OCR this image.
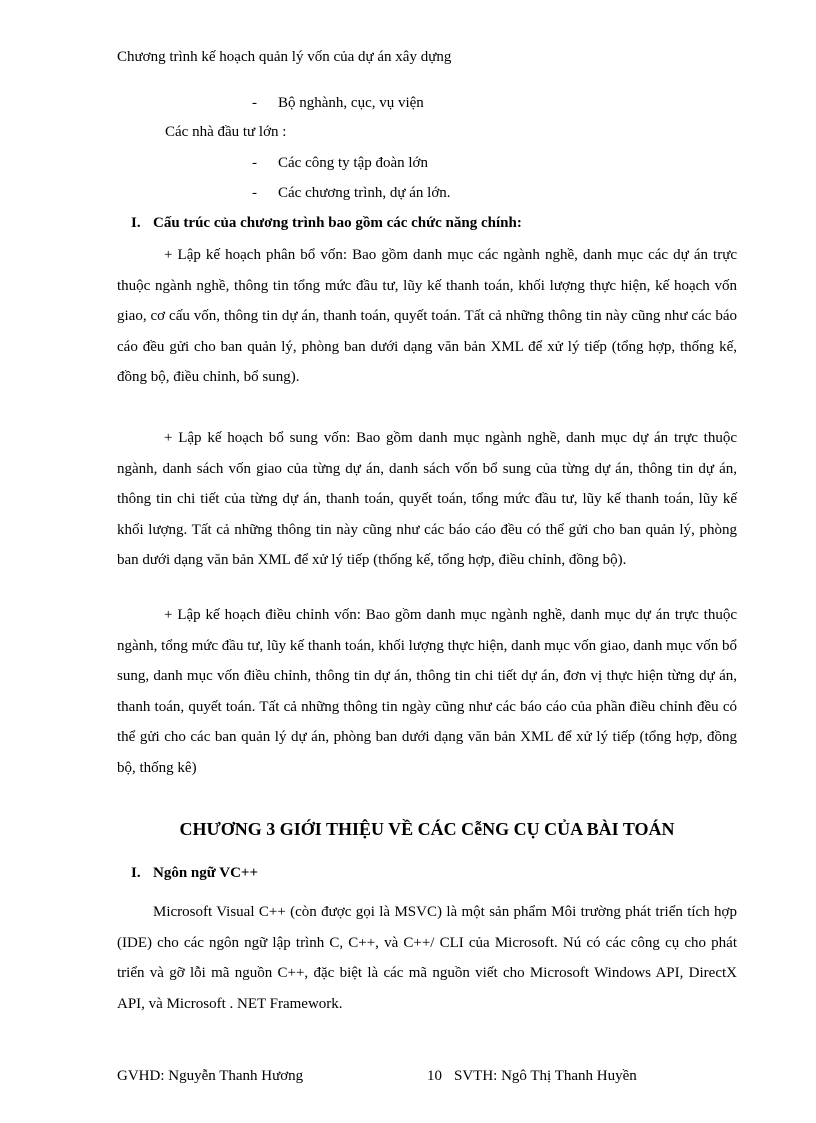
Chương trình kế hoạch quản lý vốn của dự án xây dựng
- Bộ nghành, cục, vụ viện
Các nhà đầu tư lớn :
- Các công ty tập đoàn lớn
- Các chương trình, dự án lớn.
I. Cấu trúc của chương trình bao gồm các chức năng chính:

+ Lập kế hoạch phân bổ vốn: Bao gồm danh mục các ngành nghề, danh mục các dự án trực thuộc ngành nghề, thông tin tổng mức đầu tư, lũy kế thanh toán, khối lượng thực hiện, kế hoạch vốn giao, cơ cấu vốn, thông tin dự án, thanh toán, quyết toán. Tất cả những thông tin này cũng như các báo cáo đều gửi cho ban quản lý, phòng ban dưới dạng văn bản XML để xử lý tiếp (tổng hợp, thống kế, đồng bộ, điều chỉnh, bổ sung).

+ Lập kế hoạch bổ sung vốn: Bao gồm danh mục ngành nghề, danh mục dự án trực thuộc ngành, danh sách vốn giao của từng dự án, danh sách vốn bổ sung của từng dự án, thông tin dự án, thông tin chi tiết của từng dự án, thanh toán, quyết toán, tổng mức đầu tư, lũy kế thanh toán, lũy kế khối lượng. Tất cả những thông tin này cũng như các báo cáo đều có thể gửi cho ban quản lý, phòng ban dưới dạng văn bản XML để xử lý tiếp (thống kế, tổng hợp, điều chỉnh, đồng bộ).

+ Lập kế hoạch điều chỉnh vốn: Bao gồm danh mục ngành nghề, danh mục dự án trực thuộc ngành, tổng mức đầu tư, lũy kế thanh toán, khối lượng thực hiện, danh mục vốn giao, danh mục vốn bổ sung, danh mục vốn điều chỉnh, thông tin dự án, thông tin chi tiết dự án, đơn vị thực hiện từng dự án, thanh toán, quyết toán. Tất cả những thông tin ngày cũng như các báo cáo của phần điều chỉnh đều có thể gửi cho các ban quản lý dự án, phòng ban dưới dạng văn bản XML để xử lý tiếp (tổng hợp, đồng bộ, thống kê)

CHƯƠNG 3 GIỚI THIỆU VỀ CÁC CễNG CỤ CỦA BÀI TOÁN
I. Ngôn ngữ VC++

Microsoft Visual C++ (còn được gọi là MSVC) là một sản phẩm Môi trường phát triển tích hợp (IDE) cho các ngôn ngữ lập trình C, C++, và C++/ CLI của Microsoft. Nú có các công cụ cho phát triển và gỡ lỗi mã nguồn C++, đặc biệt là các mã nguồn viết cho Microsoft Windows API, DirectX API, và Microsoft . NET Framework.

GVHD: Nguyễn Thanh Hương	10 SVTH: Ngô Thị Thanh Huyền
